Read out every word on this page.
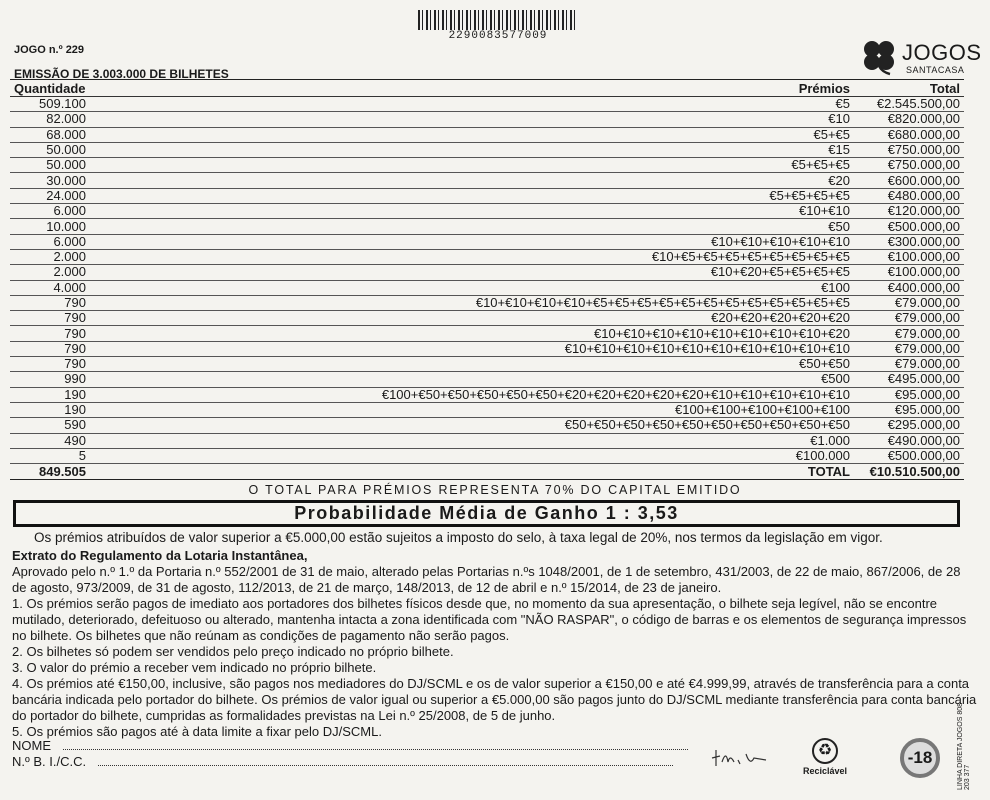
2290083577009
JOGO n.º 229
EMISSÃO DE 3.003.000 DE BILHETES
JOGOS
SANTACASA
Quantidade	Prémios	Total
509.100	€5	€2.545.500,00
82.000	€10	€820.000,00
68.000	€5+€5	€680.000,00
50.000	€15	€750.000,00
50.000	€5+€5+€5	€750.000,00
30.000	€20	€600.000,00
24.000	€5+€5+€5+€5	€480.000,00
6.000	€10+€10	€120.000,00
10.000	€50	€500.000,00
6.000	€10+€10+€10+€10+€10	€300.000,00
2.000	€10+€5+€5+€5+€5+€5+€5+€5+€5	€100.000,00
2.000	€10+€20+€5+€5+€5+€5	€100.000,00
4.000	€100	€400.000,00
790	€10+€10+€10+€10+€5+€5+€5+€5+€5+€5+€5+€5+€5+€5+€5+€5	€79.000,00
790	€20+€20+€20+€20+€20	€79.000,00
790	€10+€10+€10+€10+€10+€10+€10+€10+€20	€79.000,00
790	€10+€10+€10+€10+€10+€10+€10+€10+€10+€10	€79.000,00
790	€50+€50	€79.000,00
990	€500	€495.000,00
190	€100+€50+€50+€50+€50+€50+€20+€20+€20+€20+€20+€10+€10+€10+€10+€10	€95.000,00
190	€100+€100+€100+€100+€100	€95.000,00
590	€50+€50+€50+€50+€50+€50+€50+€50+€50+€50	€295.000,00
490	€1.000	€490.000,00
5	€100.000	€500.000,00
849.505	TOTAL	€10.510.500,00
O TOTAL PARA PRÉMIOS REPRESENTA 70% DO CAPITAL EMITIDO
Probabilidade Média de Ganho 1 : 3,53
Os prémios atribuídos de valor superior a €5.000,00 estão sujeitos a imposto do selo, à taxa legal de 20%, nos termos da legislação em vigor.

Extrato do Regulamento da Lotaria Instantânea,

Aprovado pelo n.º 1.º da Portaria n.º 552/2001 de 31 de maio, alterado pelas Portarias n.ºs 1048/2001, de 1 de setembro, 431/2003, de 22 de maio, 867/2006, de 28 de agosto, 973/2009, de 31 de agosto, 112/2013, de 21 de março, 148/2013, de 12 de abril e n.º 15/2014, de 23 de janeiro.

1. Os prémios serão pagos de imediato aos portadores dos bilhetes físicos desde que, no momento da sua apresentação, o bilhete seja legível, não se encontre mutilado, deteriorado, defeituoso ou alterado, mantenha intacta a zona identificada com "NÃO RASPAR", o código de barras e os elementos de segurança impressos no bilhete. Os bilhetes que não reúnam as condições de pagamento não serão pagos.

2. Os bilhetes só podem ser vendidos pelo preço indicado no próprio bilhete.

3. O valor do prémio a receber vem indicado no próprio bilhete.

4. Os prémios até €150,00, inclusive, são pagos nos mediadores do DJ/SCML e os de valor superior a €150,00 e até €4.999,99, através de transferência para a conta bancária indicada pelo portador do bilhete. Os prémios de valor igual ou superior a €5.000,00 são pagos junto do DJ/SCML mediante transferência para conta bancária do portador do bilhete, cumpridas as formalidades previstas na Lei n.º 25/2008, de 5 de junho.

5. Os prémios são pagos até à data limite a fixar pelo DJ/SCML.

NOME
N.º B. I./C.C.
♻
Reciclável
-18	LINHA DIRETA JOGOS 808 203 377
